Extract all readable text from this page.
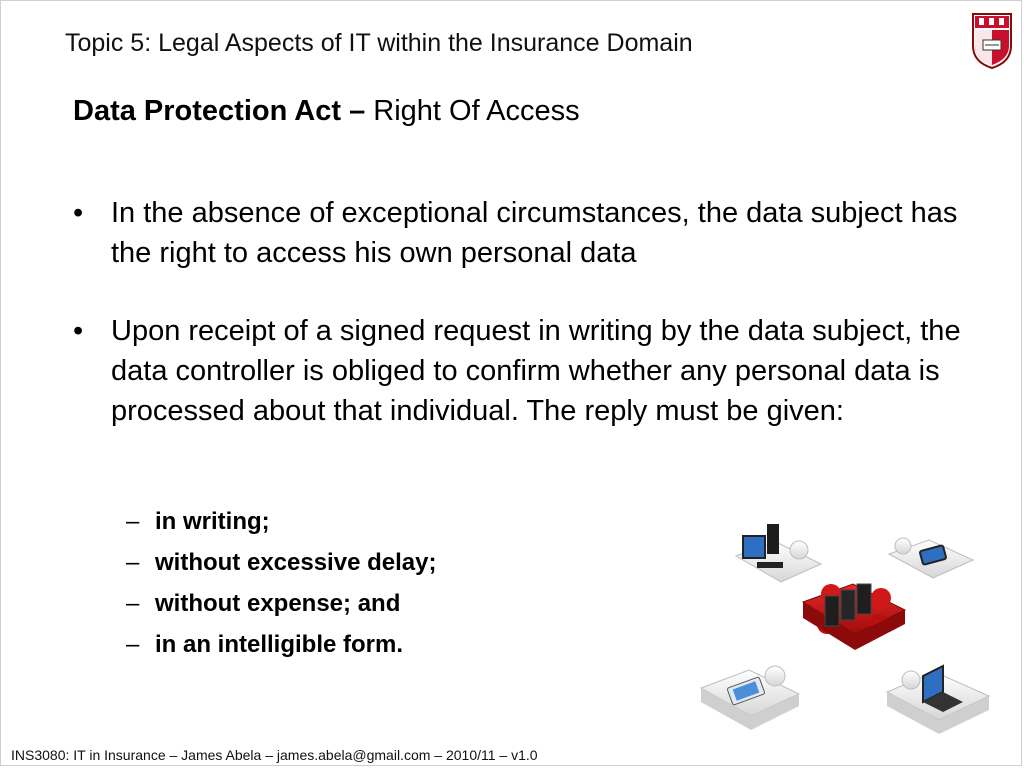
Topic 5: Legal Aspects of IT within the Insurance Domain
Data Protection Act – Right Of Access
• In the absence of exceptional circumstances, the data subject has the right to access his own personal data
• Upon receipt of a signed request in writing by the data subject, the data controller is obliged to confirm whether any personal data is processed about that individual. The reply must be given:
– in writing;
– without excessive delay;
– without expense; and
– in an intelligible form.
INS3080: IT in Insurance – James Abela – james.abela@gmail.com – 2010/11 – v1.0
